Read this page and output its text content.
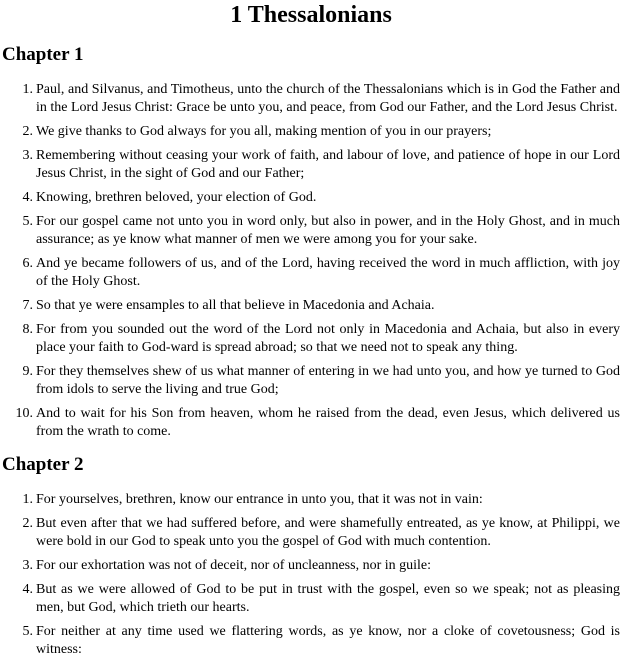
1 Thessalonians
Chapter 1
1. Paul, and Silvanus, and Timotheus, unto the church of the Thessalonians which is in God the Father and in the Lord Jesus Christ: Grace be unto you, and peace, from God our Father, and the Lord Jesus Christ.
2. We give thanks to God always for you all, making mention of you in our prayers;
3. Remembering without ceasing your work of faith, and labour of love, and patience of hope in our Lord Jesus Christ, in the sight of God and our Father;
4. Knowing, brethren beloved, your election of God.
5. For our gospel came not unto you in word only, but also in power, and in the Holy Ghost, and in much assurance; as ye know what manner of men we were among you for your sake.
6. And ye became followers of us, and of the Lord, having received the word in much affliction, with joy of the Holy Ghost.
7. So that ye were ensamples to all that believe in Macedonia and Achaia.
8. For from you sounded out the word of the Lord not only in Macedonia and Achaia, but also in every place your faith to God-ward is spread abroad; so that we need not to speak any thing.
9. For they themselves shew of us what manner of entering in we had unto you, and how ye turned to God from idols to serve the living and true God;
10. And to wait for his Son from heaven, whom he raised from the dead, even Jesus, which delivered us from the wrath to come.
Chapter 2
1. For yourselves, brethren, know our entrance in unto you, that it was not in vain:
2. But even after that we had suffered before, and were shamefully entreated, as ye know, at Philippi, we were bold in our God to speak unto you the gospel of God with much contention.
3. For our exhortation was not of deceit, nor of uncleanness, nor in guile:
4. But as we were allowed of God to be put in trust with the gospel, even so we speak; not as pleasing men, but God, which trieth our hearts.
5. For neither at any time used we flattering words, as ye know, nor a cloke of covetousness; God is witness:
